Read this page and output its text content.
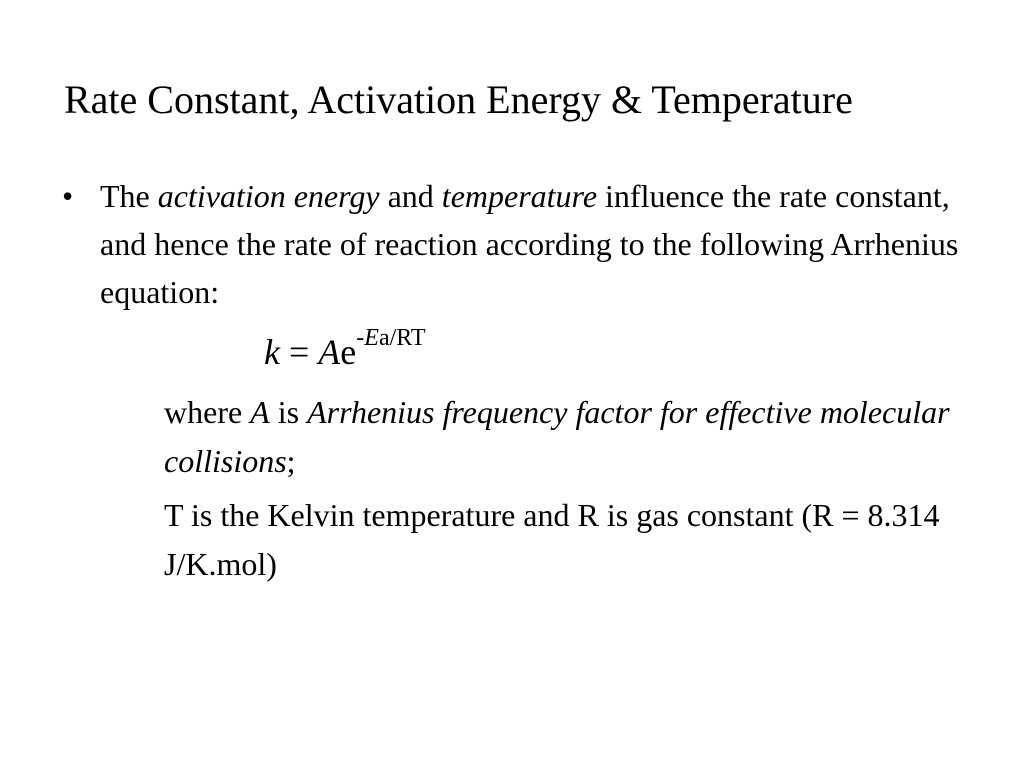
Rate Constant, Activation Energy & Temperature
• The activation energy and temperature influence the rate constant, and hence the rate of reaction according to the following Arrhenius equation:
$k = Ae^{-Ea/RT}$

where A is Arrhenius frequency factor for effective molecular collisions;

T is the Kelvin temperature and R is gas constant (R = 8.314 J/K.mol)
